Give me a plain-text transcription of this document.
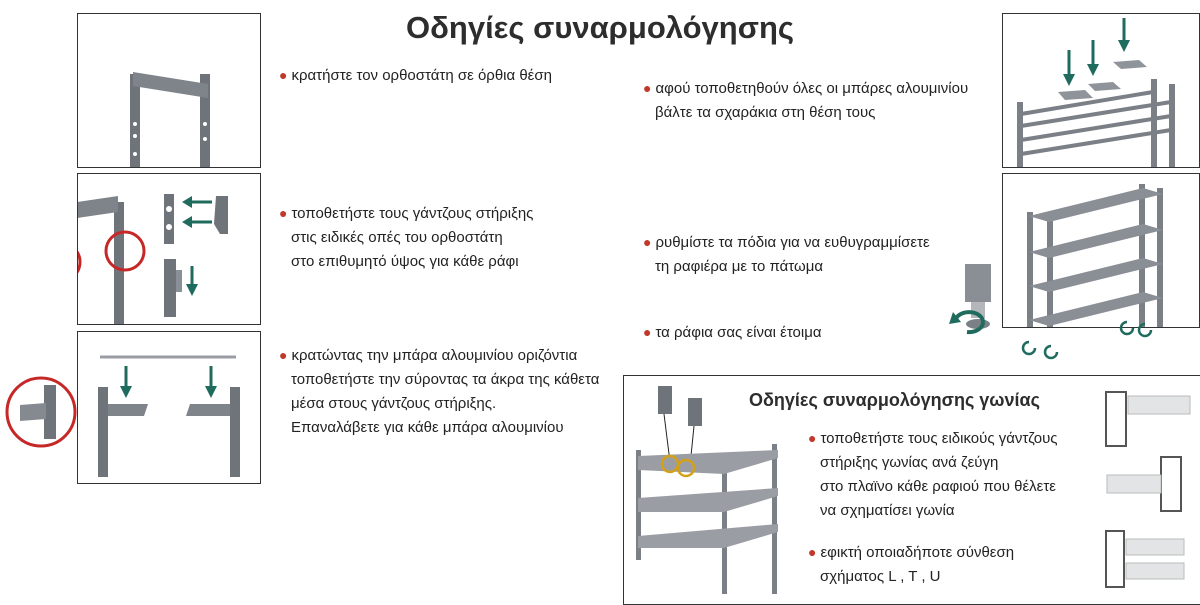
Οδηγίες συναρμολόγησης
● κρατήστε τον ορθοστάτη σε όρθια θέση
● τοποθετήστε τους γάντζους στήριξης
στις ειδικές οπές του ορθοστάτη
στο επιθυμητό ύψος για κάθε ράφι
● κρατώντας την μπάρα αλουμινίου οριζόντια
τοποθετήστε την σύροντας τα άκρα της κάθετα
μέσα στους γάντζους στήριξης.
Επαναλάβετε για κάθε μπάρα αλουμινίου
● αφού τοποθετηθούν όλες οι μπάρες αλουμινίου
βάλτε τα σχαράκια στη θέση τους
● ρυθμίστε τα πόδια για να ευθυγραμμίσετε
τη ραφιέρα με το πάτωμα
● τα ράφια σας είναι έτοιμα
Οδηγίες συναρμολόγησης γωνίας
● τοποθετήστε τους ειδικούς γάντζους
στήριξης γωνίας ανά ζεύγη
στο πλαϊνο κάθε ραφιού που θέλετε
να σχηματίσει γωνία
● εφικτή οποιαδήποτε σύνθεση
σχήματος L , T , U
